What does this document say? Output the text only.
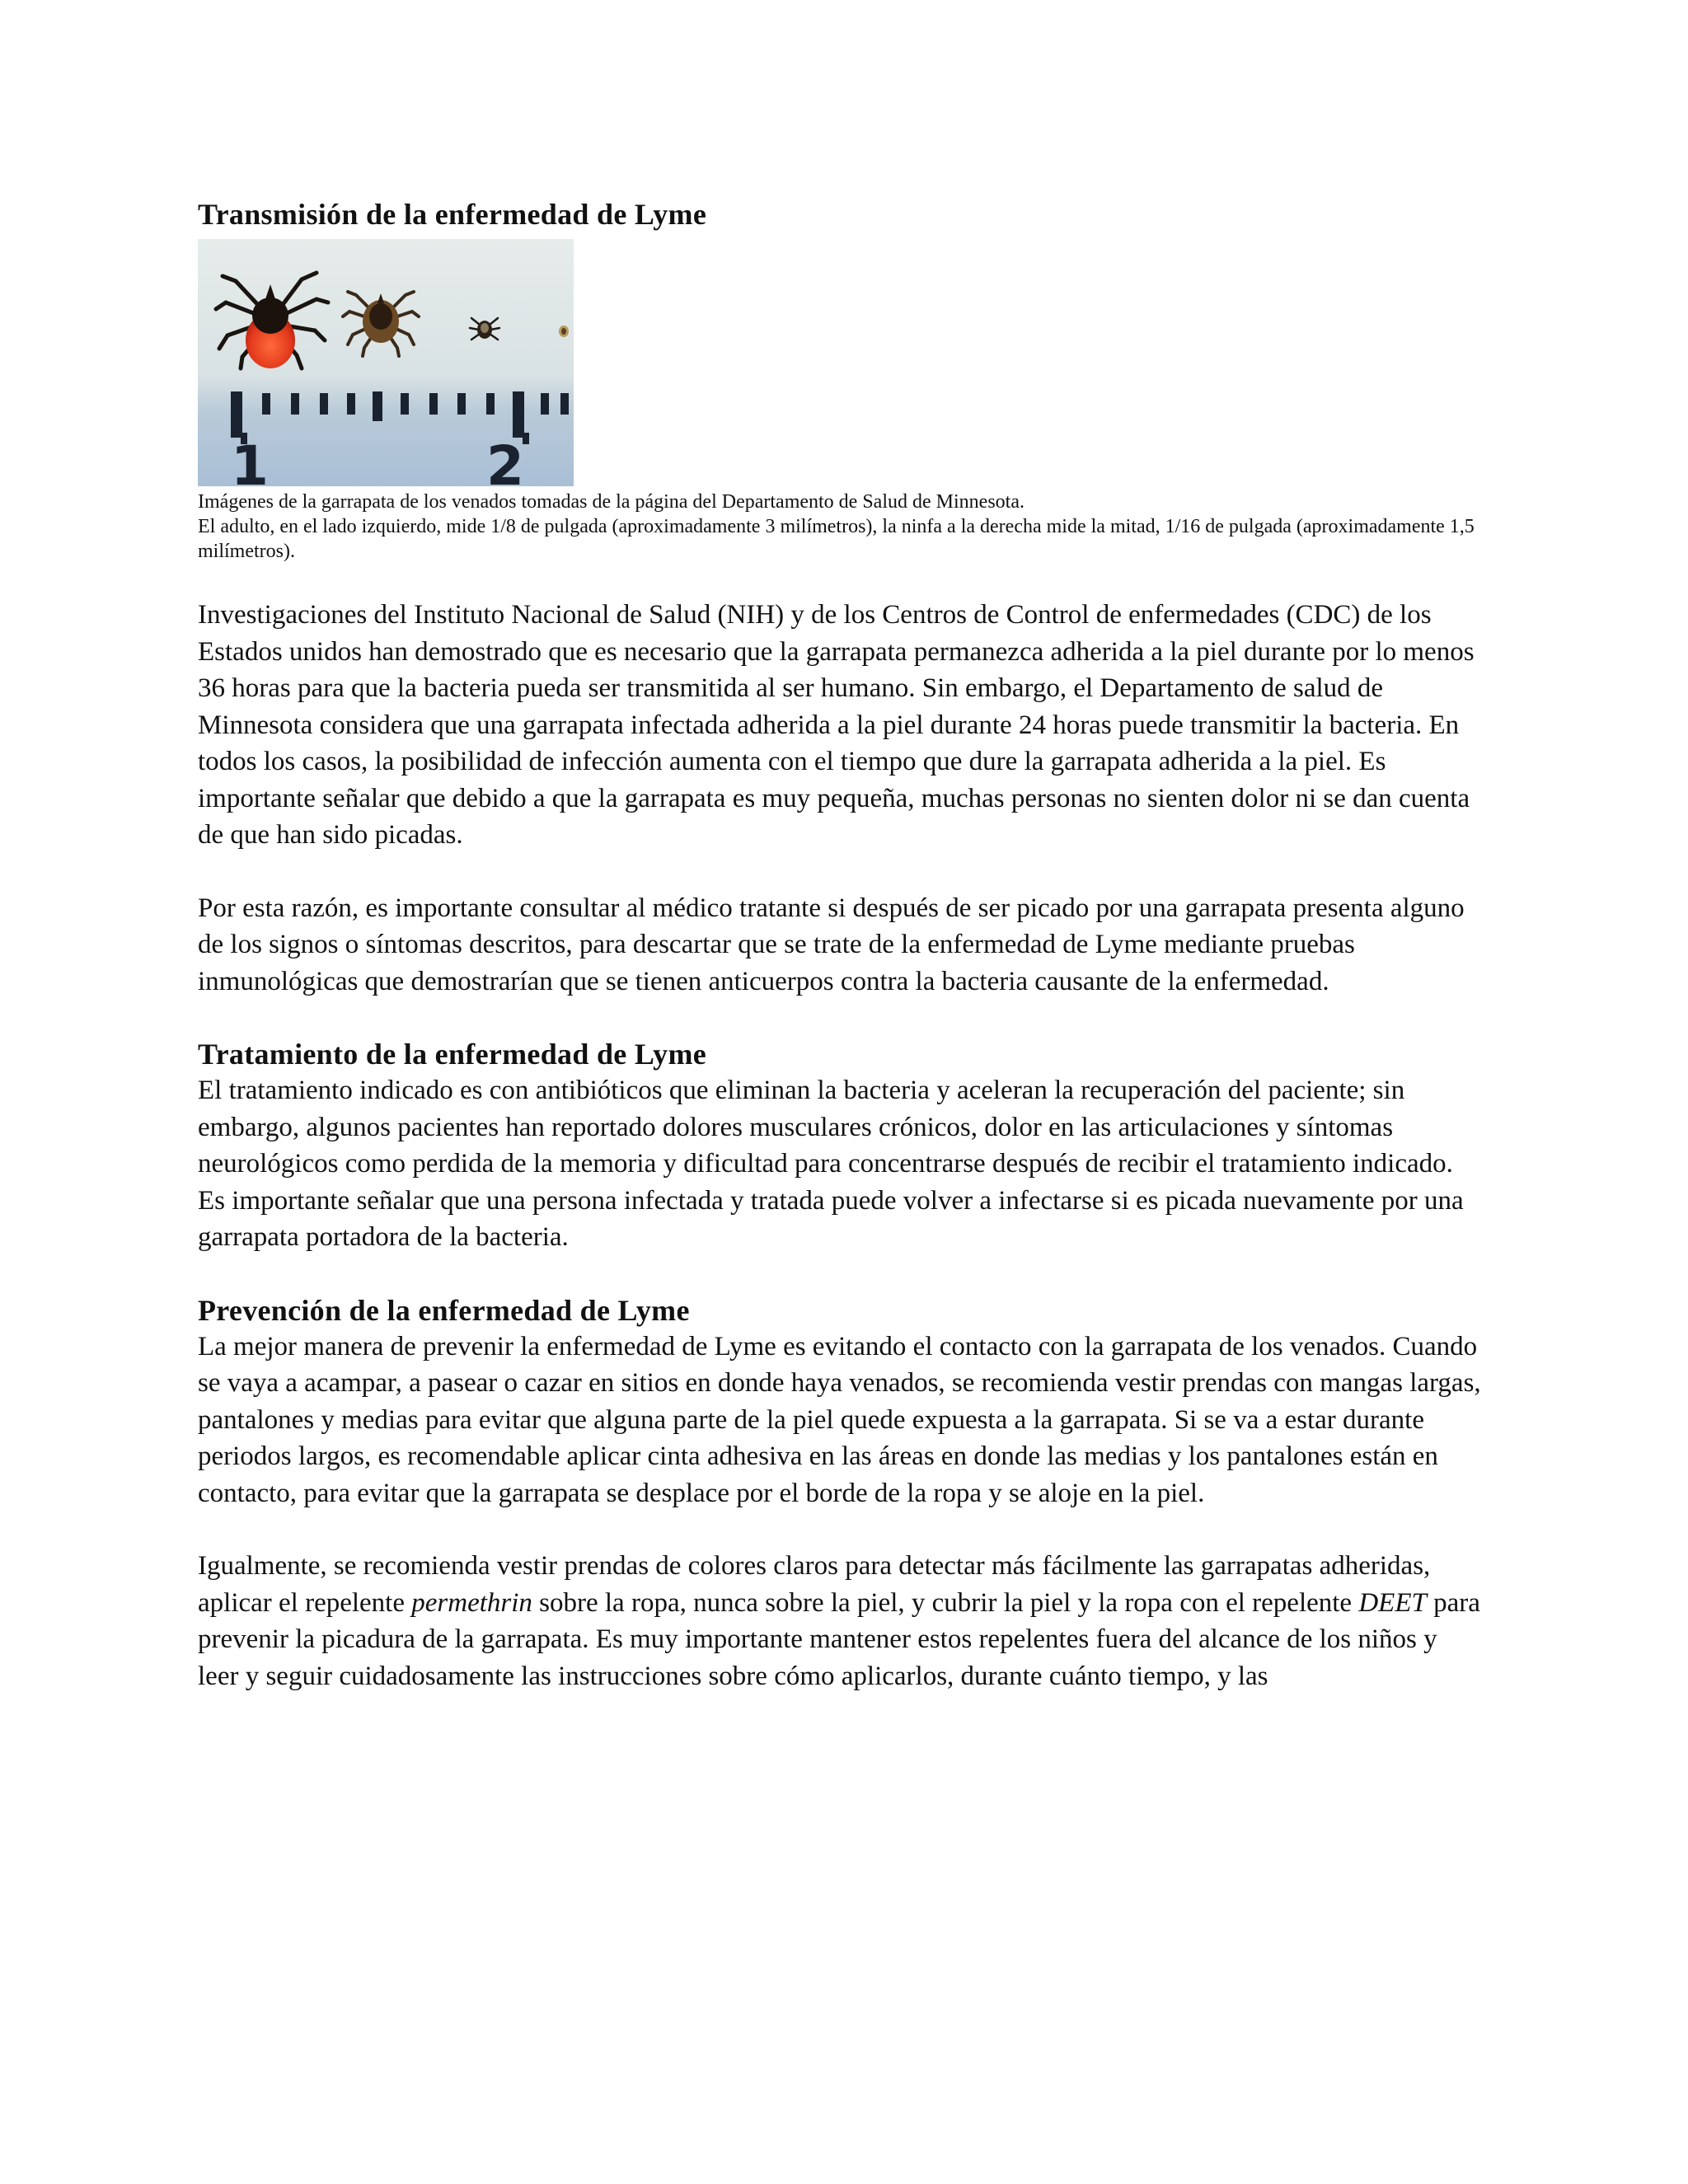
Transmisión de la enfermedad de Lyme
1	2

Imágenes de la garrapata de los venados tomadas de la página del Departamento de Salud de Minnesota.

El adulto, en el lado izquierdo, mide 1/8 de pulgada (aproximadamente 3 milímetros), la ninfa a la derecha mide la mitad, 1/16 de pulgada (aproximadamente 1,5 milímetros).

Investigaciones del Instituto Nacional de Salud (NIH) y de los Centros de Control de enfermedades (CDC) de los Estados unidos han demostrado que es necesario que la garrapata permanezca adherida a la piel durante por lo menos 36 horas para que la bacteria pueda ser transmitida al ser humano. Sin embargo, el Departamento de salud de Minnesota considera que una garrapata infectada adherida a la piel durante 24 horas puede transmitir la bacteria. En todos los casos, la posibilidad de infección aumenta con el tiempo que dure la garrapata adherida a la piel. Es importante señalar que debido a que la garrapata es muy pequeña, muchas personas no sienten dolor ni se dan cuenta de que han sido picadas.

Por esta razón, es importante consultar al médico tratante si después de ser picado por una garrapata presenta alguno de los signos o síntomas descritos, para descartar que se trate de la enfermedad de Lyme mediante pruebas inmunológicas que demostrarían que se tienen anticuerpos contra la bacteria causante de la enfermedad.

Tratamiento de la enfermedad de Lyme

El tratamiento indicado es con antibióticos que eliminan la bacteria y aceleran la recuperación del paciente; sin embargo, algunos pacientes han reportado dolores musculares crónicos, dolor en las articulaciones y síntomas neurológicos como perdida de la memoria y dificultad para concentrarse después de recibir el tratamiento indicado. Es importante señalar que una persona infectada y tratada puede volver a infectarse si es picada nuevamente por una garrapata portadora de la bacteria.

Prevención de la enfermedad de Lyme

La mejor manera de prevenir la enfermedad de Lyme es evitando el contacto con la garrapata de los venados. Cuando se vaya a acampar, a pasear o cazar en sitios en donde haya venados, se recomienda vestir prendas con mangas largas, pantalones y medias para evitar que alguna parte de la piel quede expuesta a la garrapata. Si se va a estar durante periodos largos, es recomendable aplicar cinta adhesiva en las áreas en donde las medias y los pantalones están en contacto, para evitar que la garrapata se desplace por el borde de la ropa y se aloje en la piel.

Igualmente, se recomienda vestir prendas de colores claros para detectar más fácilmente las garrapatas adheridas, aplicar el repelente permethrin sobre la ropa, nunca sobre la piel, y cubrir la piel y la ropa con el repelente DEET para prevenir la picadura de la garrapata. Es muy importante mantener estos repelentes fuera del alcance de los niños y leer y seguir cuidadosamente las instrucciones sobre cómo aplicarlos, durante cuánto tiempo, y las
